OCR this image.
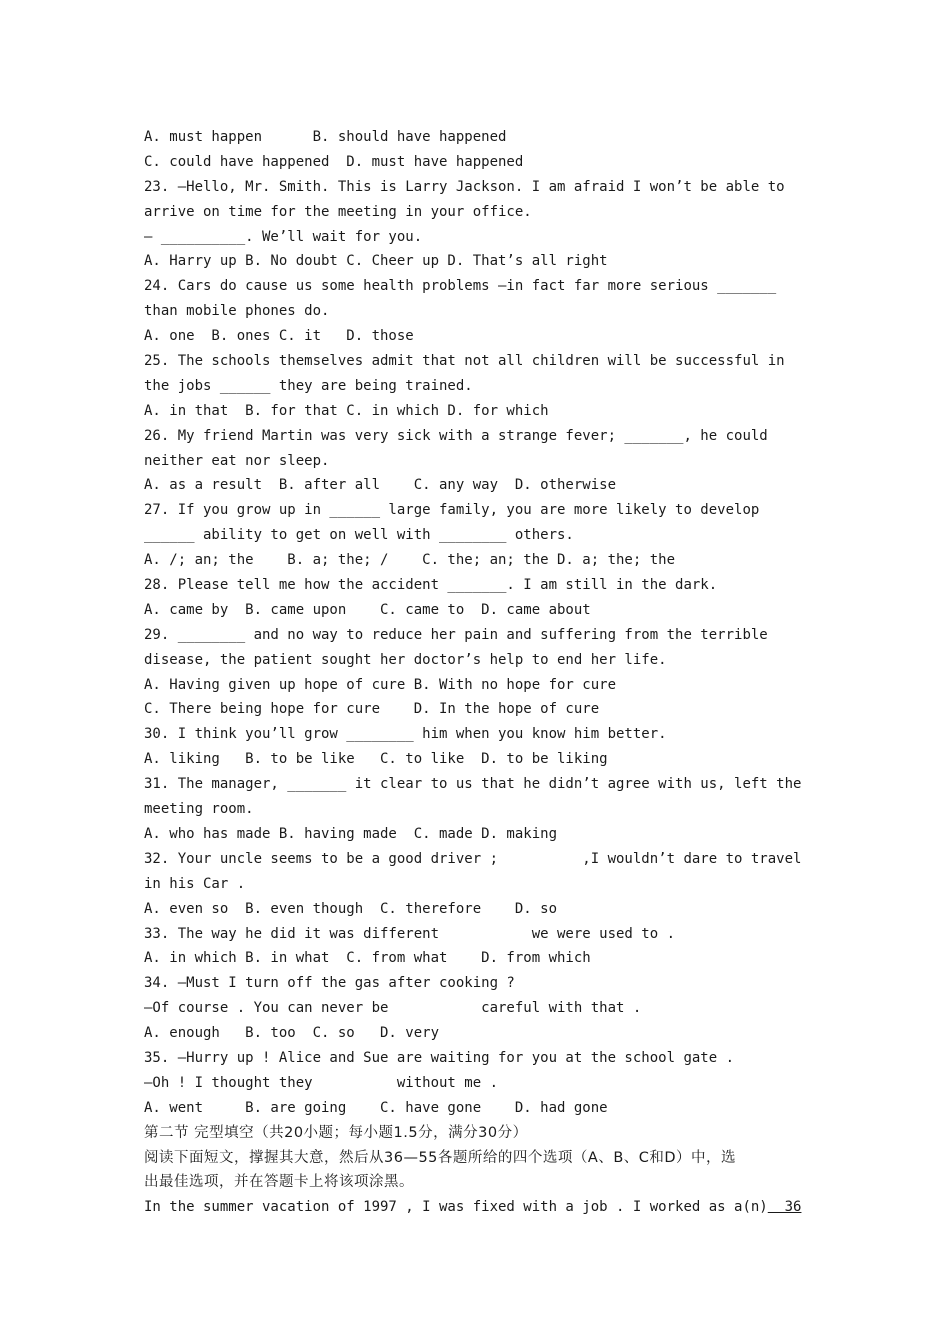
A. must happen      B. should have happened
C. could have happened  D. must have happened
23. —Hello, Mr. Smith. This is Larry Jackson. I am afraid I won’t be able to
arrive on time for the meeting in your office.
— __________. We’ll wait for you.
A. Harry up B. No doubt C. Cheer up D. That’s all right
24. Cars do cause us some health problems —in fact far more serious _______
than mobile phones do.
A. one  B. ones C. it   D. those
25. The schools themselves admit that not all children will be successful in
the jobs ______ they are being trained.
A. in that  B. for that C. in which D. for which
26. My friend Martin was very sick with a strange fever; _______, he could
neither eat nor sleep.
A. as a result  B. after all    C. any way  D. otherwise
27. If you grow up in ______ large family, you are more likely to develop
______ ability to get on well with ________ others.
A. /; an; the    B. a; the; /    C. the; an; the D. a; the; the
28. Please tell me how the accident _______. I am still in the dark.
A. came by  B. came upon    C. came to  D. came about
29. ________ and no way to reduce her pain and suffering from the terrible
disease, the patient sought her doctor’s help to end her life.
A. Having given up hope of cure B. With no hope for cure
C. There being hope for cure    D. In the hope of cure
30. I think you’ll grow ________ him when you know him better.
A. liking   B. to be like   C. to like  D. to be liking
31. The manager, _______ it clear to us that he didn’t agree with us, left the
meeting room.
A. who has made B. having made  C. made D. making
32. Your uncle seems to be a good driver ;          ,I wouldn’t dare to travel
in his Car .
A. even so  B. even though  C. therefore    D. so
33. The way he did it was different           we were used to .
A. in which B. in what  C. from what    D. from which
34. —Must I turn off the gas after cooking ?
—Of course . You can never be           careful with that .
A. enough   B. too  C. so   D. very
35. —Hurry up ! Alice and Sue are waiting for you at the school gate .
—Oh ! I thought they          without me .
A. went     B. are going    C. have gone    D. had gone
第二节 完型填空（共20小题；每小题1.5分，满分30分）
阅读下面短文，撑握其大意，然后从36—55各题所给的四个选项（A、B、C和D）中，选
出最佳选项，并在答题卡上将该项涂黑。
In the summer vacation of 1997 , I was fixed with a job . I worked as a(n)  36
